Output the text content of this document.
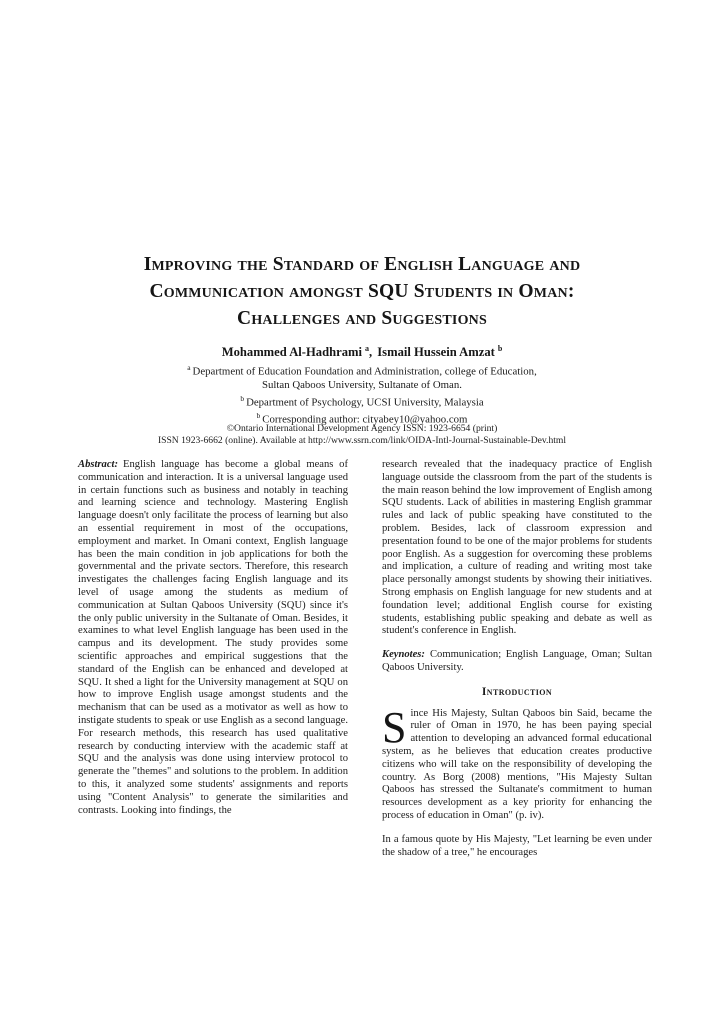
Improving the Standard of English Language and
Communication amongst SQU Students in Oman:
Challenges and Suggestions
Mohammed Al-Hadhrami $^a$, Ismail Hussein Amzat $^b$
$^a$ Department of Education Foundation and Administration, college of Education,
Sultan Qaboos University, Sultanate of Oman.
$^b$ Department of Psychology, UCSI University, Malaysia
$^b$ Corresponding author: cityabey10@yahoo.com
©Ontario International Development Agency ISSN: 1923-6654 (print)
ISSN 1923-6662 (online). Available at http://www.ssrn.com/link/OIDA-Intl-Journal-Sustainable-Dev.html

Abstract: English language has become a global means of communication and interaction. It is a universal language used in certain functions such as business and notably in teaching and learning science and technology. Mastering English language doesn't only facilitate the process of learning but also an essential requirement in most of the occupations, employment and market. In Omani context, English language has been the main condition in job applications for both the governmental and the private sectors. Therefore, this research investigates the challenges facing English language and its level of usage among the students as medium of communication at Sultan Qaboos University (SQU) since it's the only public university in the Sultanate of Oman. Besides, it examines to what level English language has been used in the campus and its development. The study provides some scientific approaches and empirical suggestions that the standard of the English can be enhanced and developed at SQU. It shed a light for the University management at SQU on how to improve English usage amongst students and the mechanism that can be used as a motivator as well as how to instigate students to speak or use English as a second language. For research methods, this research has used qualitative research by conducting interview with the academic staff at SQU and the analysis was done using interview protocol to generate the "themes" and solutions to the problem. In addition to this, it analyzed some students' assignments and reports using "Content Analysis" to generate the similarities and contrasts. Looking into findings, the

research revealed that the inadequacy practice of English language outside the classroom from the part of the students is the main reason behind the low improvement of English among SQU students. Lack of abilities in mastering English grammar rules and lack of public speaking have constituted to the problem. Besides, lack of classroom expression and presentation found to be one of the major problems for students poor English. As a suggestion for overcoming these problems and implication, a culture of reading and writing most take place personally amongst students by showing their initiatives. Strong emphasis on English language for new students and at foundation level; additional English course for existing students, establishing public speaking and debate as well as student's conference in English.

Keynotes: Communication; English Language, Oman; Sultan Qaboos University.

Introduction

Since His Majesty, Sultan Qaboos bin Said, became the ruler of Oman in 1970, he has been paying special attention to developing an advanced formal educational system, as he believes that education creates productive citizens who will take on the responsibility of developing the country. As Borg (2008) mentions, "His Majesty Sultan Qaboos has stressed the Sultanate's commitment to human resources development as a key priority for enhancing the process of education in Oman" (p. iv).

In a famous quote by His Majesty, "Let learning be even under the shadow of a tree," he encourages
